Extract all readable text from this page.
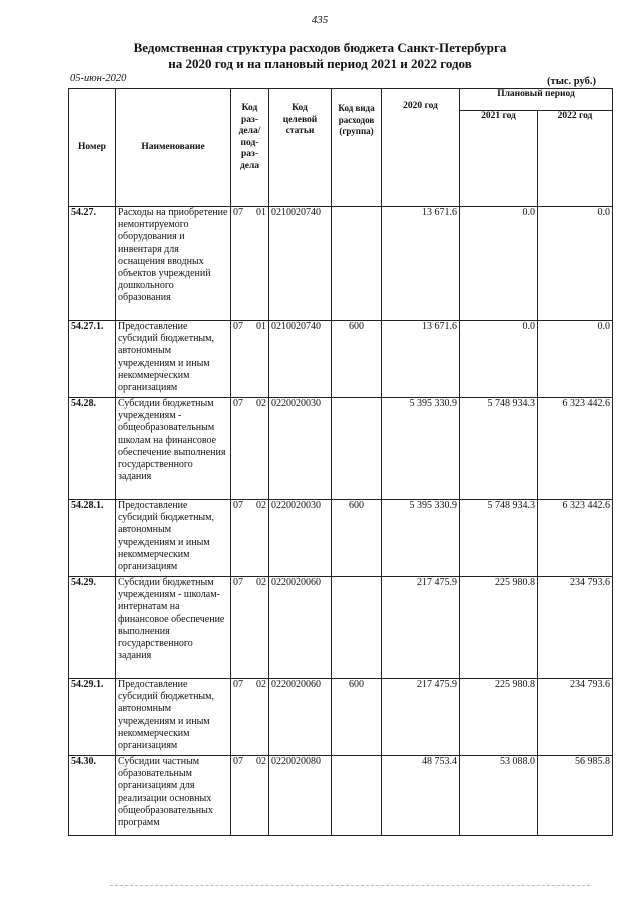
435
Ведомственная структура расходов бюджета Санкт-Петербурга
на 2020 год и на плановый период 2021 и 2022 годов
05-июн-2020	(тыс. руб.)
Номер	Наименование	Код раз-дела/ под-раз-дела	Код целевой статьи	Код вида расходов (группа)	2020 год	Плановый период	
						2021 год	2022 год
54.27.	Расходы на приобретение немонтируемого оборудования и инвентаря для оснащения вводных объектов учреждений дошкольного образования	07 01	0210020740		13 671.6	0.0	0.0
54.27.1.	Предоставление субсидий бюджетным, автономным учреждениям и иным некоммерческим организациям	07 01	0210020740	600	13 671.6	0.0	0.0
54.28.	Субсидии бюджетным учреждениям - общеобразовательным школам на финансовое обеспечение выполнения государственного задания	07 02	0220020030		5 395 330.9	5 748 934.3	6 323 442.6
54.28.1.	Предоставление субсидий бюджетным, автономным учреждениям и иным некоммерческим организациям	07 02	0220020030	600	5 395 330.9	5 748 934.3	6 323 442.6
54.29.	Субсидии бюджетным учреждениям - школам-интернатам на финансовое обеспечение выполнения государственного задания	07 02	0220020060		217 475.9	225 980.8	234 793.6
54.29.1.	Предоставление субсидий бюджетным, автономным учреждениям и иным некоммерческим организациям	07 02	0220020060	600	217 475.9	225 980.8	234 793.6
54.30.	Субсидии частным образовательным организациям для реализации основных общеобразовательных программ	07 02	0220020080		48 753.4	53 088.0	56 985.8
